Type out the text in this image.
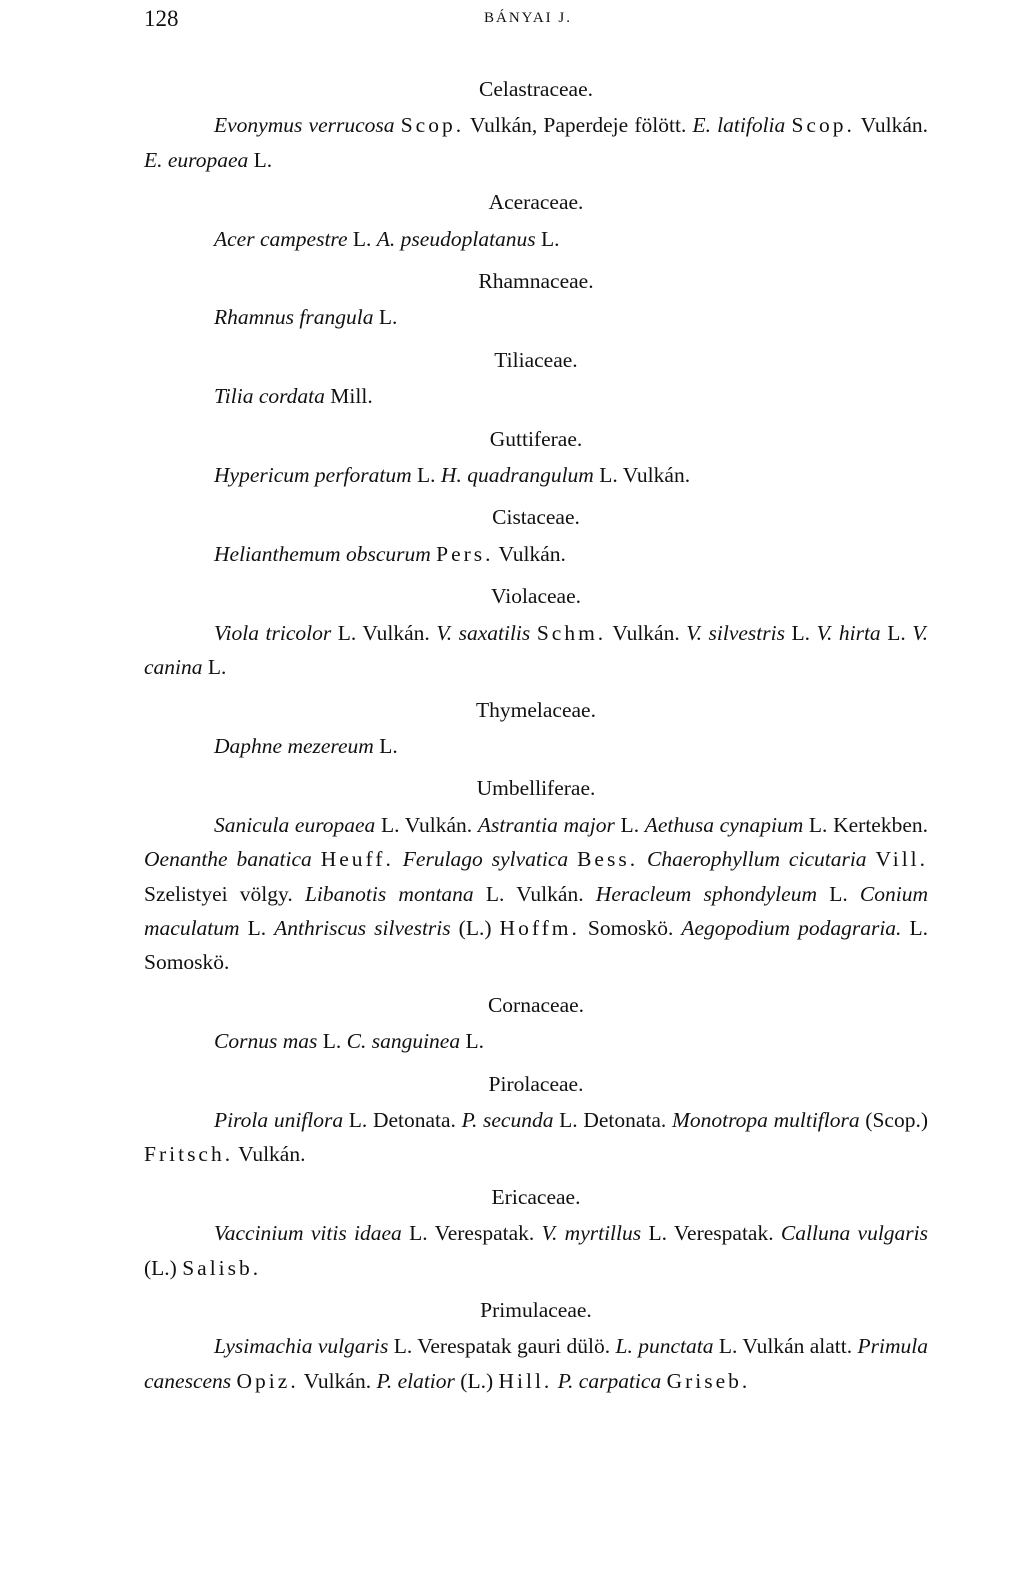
128	BÁNYAI J.
Celastraceae.

Evonymus verrucosa Scop. Vulkán, Paperdeje fölött. E. latifolia Scop. Vulkán. E. europaea L.

Aceraceae.

Acer campestre L. A. pseudoplatanus L.

Rhamnaceae.

Rhamnus frangula L.

Tiliaceae.

Tilia cordata Mill.

Guttiferae.

Hypericum perforatum L. H. quadrangulum L. Vulkán.

Cistaceae.

Helianthemum obscurum Pers. Vulkán.

Violaceae.

Viola tricolor L. Vulkán. V. saxatilis Schm. Vulkán. V. silvestris L. V. hirta L. V. canina L.

Thymelaceae.

Daphne mezereum L.

Umbelliferae.

Sanicula europaea L. Vulkán. Astrantia major L. Aethusa cynapium L. Kertekben. Oenanthe banatica Heuff. Ferulago sylvatica Bess. Chaerophyllum cicutaria Vill. Szelistyei völgy. Libanotis montana L. Vulkán. Heracleum sphondyleum L. Conium maculatum L. Anthriscus silvestris (L.) Hoffm. Somoskö. Aegopodium podagraria. L. Somoskö.

Cornaceae.

Cornus mas L. C. sanguinea L.

Pirolaceae.

Pirola uniflora L. Detonata. P. secunda L. Detonata. Monotropa multiflora (Scop.) Fritsch. Vulkán.

Ericaceae.

Vaccinium vitis idaea L. Verespatak. V. myrtillus L. Verespatak. Calluna vulgaris (L.) Salisb.

Primulaceae.

Lysimachia vulgaris L. Verespatak gauri dülö. L. punctata L. Vulkán alatt. Primula canescens Opiz. Vulkán. P. elatior (L.) Hill. P. carpatica Griseb.
